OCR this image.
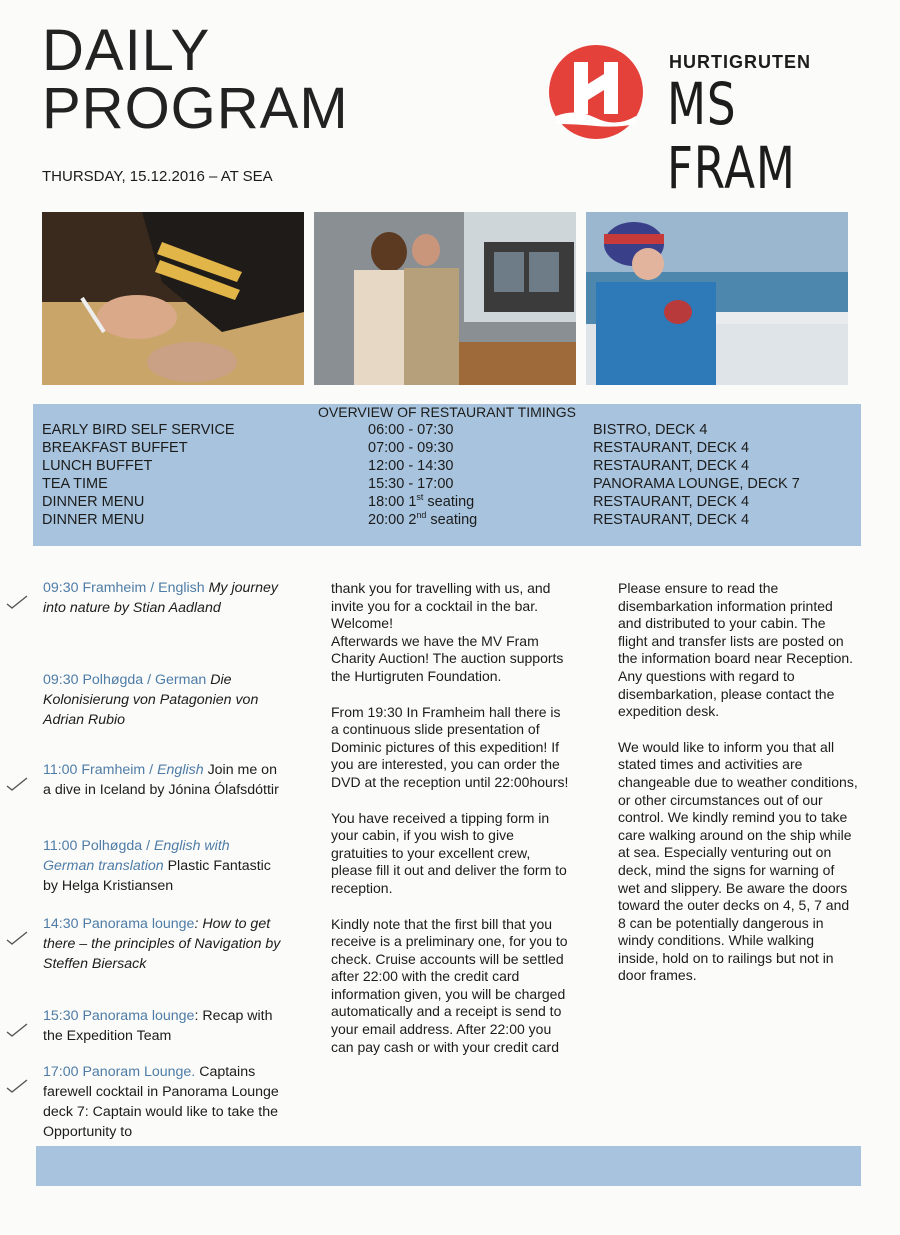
DAILY
PROGRAM
THURSDAY, 15.12.2016 – AT SEA
HURTIGRUTEN
MS FRAM
OVERVIEW OF RESTAURANT TIMINGS
EARLY BIRD SELF SERVICE	06:00 - 07:30	BISTRO, DECK 4
BREAKFAST BUFFET	07:00 - 09:30	RESTAURANT, DECK 4
LUNCH BUFFET	12:00 - 14:30	RESTAURANT, DECK 4
TEA TIME	15:30 - 17:00	PANORAMA LOUNGE, DECK 7
DINNER MENU	18:00 1st seating	RESTAURANT, DECK 4
DINNER MENU	20:00 2nd seating	RESTAURANT, DECK 4
09:30 Framheim / English My journey into nature by Stian Aadland
09:30 Polhøgda / German Die Kolonisierung von Patagonien von Adrian Rubio
11:00 Framheim / English Join me on a dive in Iceland by Jónina Ólafsdóttir
11:00 Polhøgda / English with German translation Plastic Fantastic by Helga Kristiansen
14:30 Panorama lounge: How to get there – the principles of Navigation by Steffen Biersack
15:30 Panorama lounge: Recap with the Expedition Team
17:00 Panoram Lounge. Captains farewell cocktail in Panorama Lounge deck 7: Captain would like to take the Opportunity to

thank you for travelling with us, and invite you for a cocktail in the bar. Welcome!

Afterwards we have the MV Fram Charity Auction! The auction supports the Hurtigruten Foundation.

From 19:30 In Framheim hall there is a continuous slide presentation of Dominic pictures of this expedition! If you are interested, you can order the DVD at the reception until 22:00hours!

You have received a tipping form in your cabin, if you wish to give gratuities to your excellent crew, please fill it out and deliver the form to reception.

Kindly note that the first bill that you receive is a preliminary one, for you to check. Cruise accounts will be settled after 22:00 with the credit card information given, you will be charged automatically and a receipt is send to your email address. After 22:00 you can pay cash or with your credit card

Please ensure to read the disembarkation information printed and distributed to your cabin. The flight and transfer lists are posted on the information board near Reception. Any questions with regard to disembarkation, please contact the expedition desk.

We would like to inform you that all stated times and activities are changeable due to weather conditions, or other circumstances out of our control. We kindly remind you to take care walking around on the ship while at sea. Especially venturing out on deck, mind the signs for warning of wet and slippery. Be aware the doors toward the outer decks on 4, 5, 7 and 8 can be potentially dangerous in windy conditions. While walking inside, hold on to railings but not in door frames.
